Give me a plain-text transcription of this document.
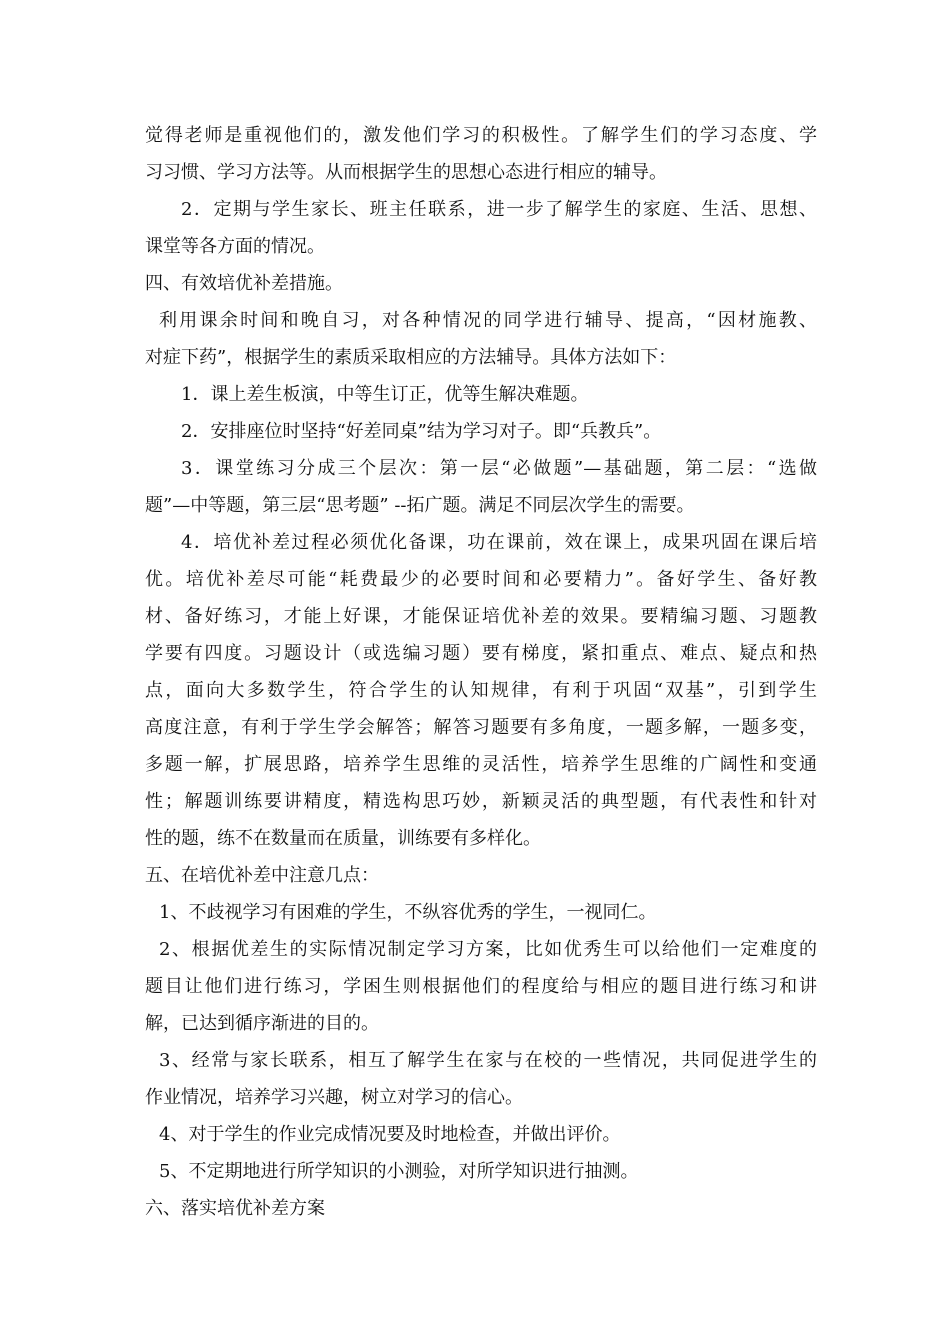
觉得老师是重视他们的，激发他们学习的积极性。了解学生们的学习态度、学
习习惯、学习方法等。从而根据学生的思想心态进行相应的辅导。
2．定期与学生家长、班主任联系，进一步了解学生的家庭、生活、思想、
课堂等各方面的情况。
四、有效培优补差措施。
利用课余时间和晚自习，对各种情况的同学进行辅导、提高，“因材施教、
对症下药”，根据学生的素质采取相应的方法辅导。具体方法如下：
1．课上差生板演，中等生订正，优等生解决难题。
2．安排座位时坚持“好差同桌”结为学习对子。即“兵教兵”。
3．课堂练习分成三个层次：第一层“必做题”—基础题，第二层：“选做
题”—中等题，第三层“思考题” --拓广题。满足不同层次学生的需要。
4．培优补差过程必须优化备课，功在课前，效在课上，成果巩固在课后培
优。培优补差尽可能“耗费最少的必要时间和必要精力”。备好学生、备好教
材、备好练习，才能上好课，才能保证培优补差的效果。要精编习题、习题教
学要有四度。习题设计（或选编习题）要有梯度，紧扣重点、难点、疑点和热
点，面向大多数学生，符合学生的认知规律，有利于巩固“双基”，引到学生
高度注意，有利于学生学会解答；解答习题要有多角度，一题多解，一题多变，
多题一解，扩展思路，培养学生思维的灵活性，培养学生思维的广阔性和变通
性；解题训练要讲精度，精选构思巧妙，新颖灵活的典型题，有代表性和针对
性的题，练不在数量而在质量，训练要有多样化。
五、在培优补差中注意几点：
1、不歧视学习有困难的学生，不纵容优秀的学生，一视同仁。
2、根据优差生的实际情况制定学习方案，比如优秀生可以给他们一定难度的
题目让他们进行练习，学困生则根据他们的程度给与相应的题目进行练习和讲
解，已达到循序渐进的目的。
3、经常与家长联系，相互了解学生在家与在校的一些情况，共同促进学生的
作业情况，培养学习兴趣，树立对学习的信心。
4、对于学生的作业完成情况要及时地检查，并做出评价。
5、不定期地进行所学知识的小测验，对所学知识进行抽测。
六、落实培优补差方案
